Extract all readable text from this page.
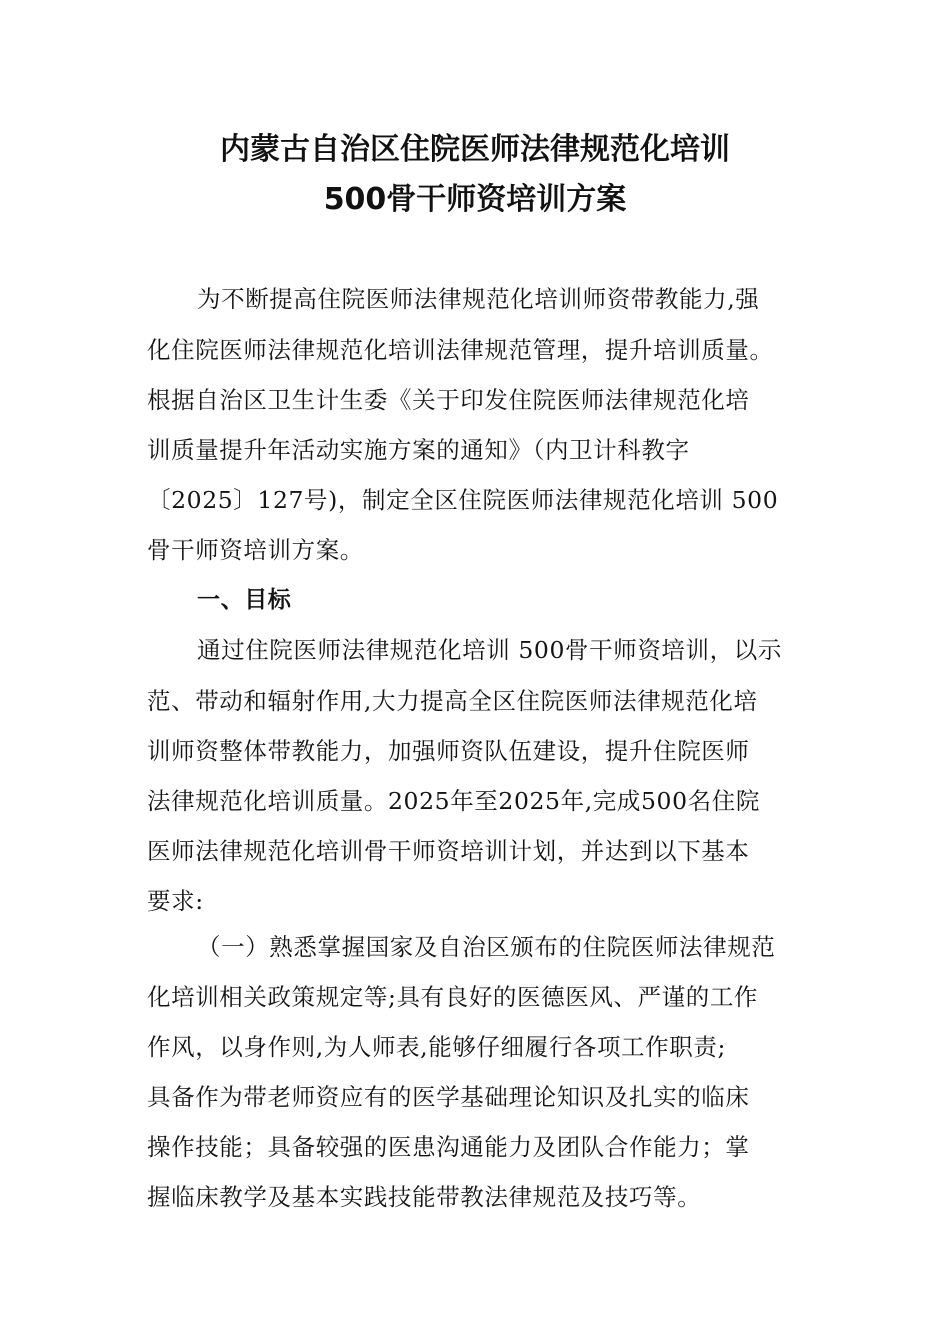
内蒙古自治区住院医师法律规范化培训
500骨干师资培训方案
为不断提高住院医师法律规范化培训师资带教能力,强
化住院医师法律规范化培训法律规范管理，提升培训质量。
根据自治区卫生计生委《关于印发住院医师法律规范化培
训质量提升年活动实施方案的通知》（内卫计科教字
〔2025〕127号)，制定全区住院医师法律规范化培训 500
骨干师资培训方案。
一、目标
通过住院医师法律规范化培训 500骨干师资培训，以示
范、带动和辐射作用,大力提高全区住院医师法律规范化培
训师资整体带教能力，加强师资队伍建设，提升住院医师
法律规范化培训质量。2025年至2025年,完成500名住院
医师法律规范化培训骨干师资培训计划，并达到以下基本
要求:
（一）熟悉掌握国家及自治区颁布的住院医师法律规范
化培训相关政策规定等;具有良好的医德医风、严谨的工作
作风，以身作则,为人师表,能够仔细履行各项工作职责;
具备作为带老师资应有的医学基础理论知识及扎实的临床
操作技能；具备较强的医患沟通能力及团队合作能力；掌
握临床教学及基本实践技能带教法律规范及技巧等。
